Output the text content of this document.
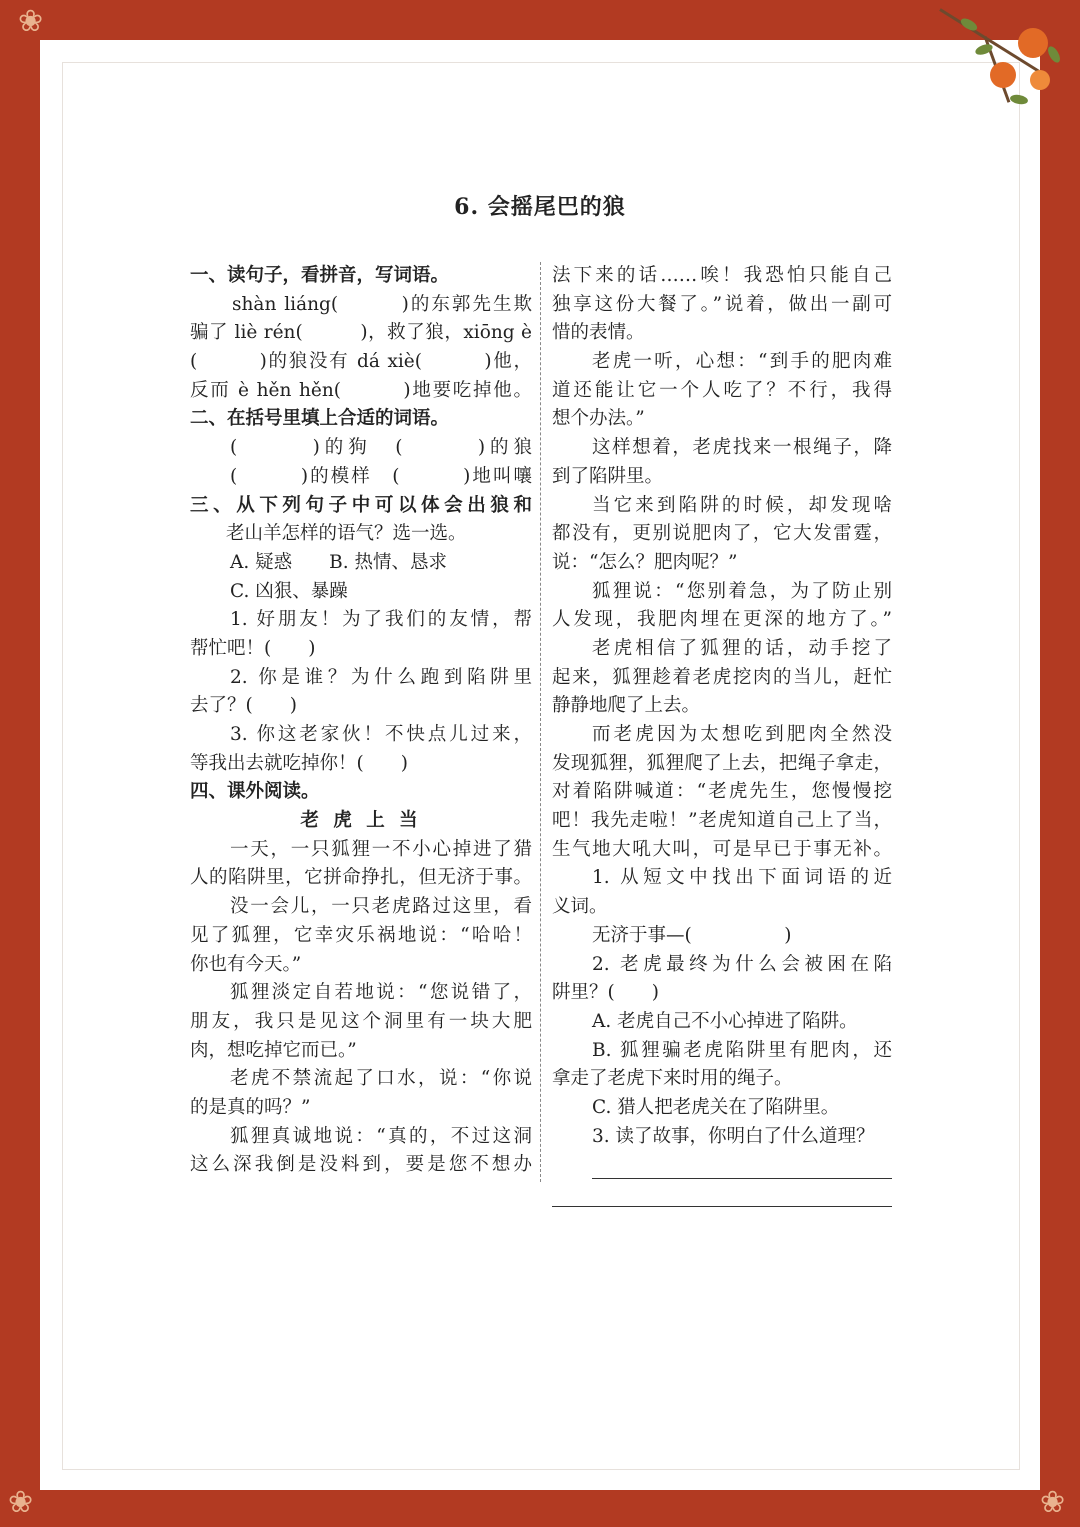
❀
❀	❀
6. 会摇尾巴的狼
一、读句子，看拼音，写词语。
shàn liáng(　　　)的东郭先生欺
骗了 liè rén(　　　)，救了狼，xiōng è
(　　　)的狼没有 dá xiè(　　　)他，
反而 è hěn hěn(　　　)地要吃掉他。
二、在括号里填上合适的词语。
(　　　)的狗　(　　　)的狼
(　　　)的模样　(　　　)地叫嚷
三、从下列句子中可以体会出狼和
老山羊怎样的语气？选一选。
A. 疑惑　　B. 热情、恳求
C. 凶狠、暴躁
1. 好朋友！为了我们的友情，帮
帮忙吧！(　　)
2. 你是谁？为什么跑到陷阱里
去了？(　　)
3. 你这老家伙！不快点儿过来，
等我出去就吃掉你！(　　)
四、课外阅读。
老 虎 上 当
一天，一只狐狸一不小心掉进了猎
人的陷阱里，它拼命挣扎，但无济于事。
没一会儿，一只老虎路过这里，看
见了狐狸，它幸灾乐祸地说：“哈哈！
你也有今天。”
狐狸淡定自若地说：“您说错了，
朋友，我只是见这个洞里有一块大肥
肉，想吃掉它而已。”
老虎不禁流起了口水，说：“你说
的是真的吗？”
狐狸真诚地说：“真的，不过这洞
这么深我倒是没料到，要是您不想办
法下来的话……唉！我恐怕只能自己
独享这份大餐了。”说着，做出一副可
惜的表情。
老虎一听，心想：“到手的肥肉难
道还能让它一个人吃了？不行，我得
想个办法。”
这样想着，老虎找来一根绳子，降
到了陷阱里。
当它来到陷阱的时候，却发现啥
都没有，更别说肥肉了，它大发雷霆，
说：“怎么？肥肉呢？”
狐狸说：“您别着急，为了防止别
人发现，我肥肉埋在更深的地方了。”
老虎相信了狐狸的话，动手挖了
起来，狐狸趁着老虎挖肉的当儿，赶忙
静静地爬了上去。
而老虎因为太想吃到肥肉全然没
发现狐狸，狐狸爬了上去，把绳子拿走，
对着陷阱喊道：“老虎先生，您慢慢挖
吧！我先走啦！”老虎知道自己上了当，
生气地大吼大叫，可是早已于事无补。
1. 从短文中找出下面词语的近
义词。
无济于事—(　　　　　)
2. 老虎最终为什么会被困在陷
阱里？(　　)
A. 老虎自己不小心掉进了陷阱。
B. 狐狸骗老虎陷阱里有肥肉，还
拿走了老虎下来时用的绳子。
C. 猎人把老虎关在了陷阱里。
3. 读了故事，你明白了什么道理？
